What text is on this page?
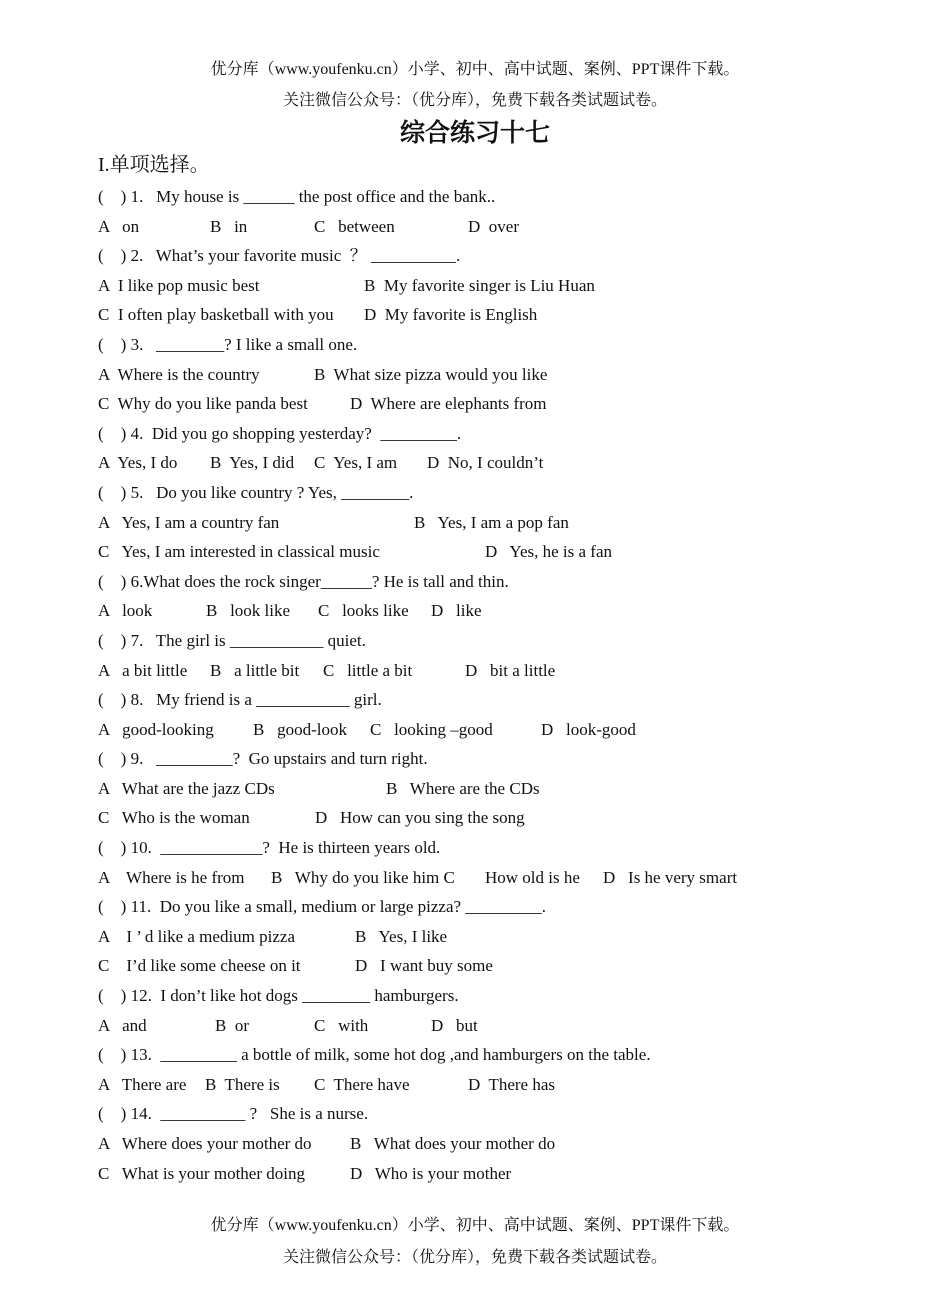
优分库（www.youfenku.cn）小学、初中、高中试题、案例、PPT课件下载。
关注微信公众号：（优分库），免费下载各类试题试卷。
综合练习十七
I.单项选择。
(    ) 1.   My house is ______ the post office and the bank..
A   on	B   in	C   between	D  over
(    ) 2.   What’s your favorite music  ？ __________.
A  I like pop music best	B  My favorite singer is Liu Huan
C  I often play basketball with you D  My favorite is English
(    ) 3.   ________? I like a small one.
A  Where is the country	B  What size pizza would you like
C  Why do you like panda best D  Where are elephants from
(    ) 4.  Did you go shopping yesterday?  _________.
A  Yes, I do B  Yes, I did C  Yes, I am D  No, I couldn’t
(    ) 5.   Do you like country ? Yes, ________.
A   Yes, I am a country fan	B   Yes, I am a pop fan
C   Yes, I am interested in classical music	D   Yes, he is a fan
(    ) 6.What does the rock singer______? He is tall and thin.
A   look	B   look like C   looks like D   like
(    ) 7.   The girl is ___________ quiet.
A   a bit little B   a little bit C   little a bit	D   bit a little
(    ) 8.   My friend is a ___________ girl.
A   good-looking B   good-look C   looking –good	D   look-good
(    ) 9.   _________?  Go upstairs and turn right.
A   What are the jazz CDs	B   Where are the CDs
C   Who is the woman	D   How can you sing the song
(    ) 10.  ____________?  He is thirteen years old.
A    Where is he from B   Why do you like him C How old is he D   Is he very smart
(    ) 11.  Do you like a small, medium or large pizza? _________.
A    I ’ d like a medium pizza	B   Yes, I like
C    I’d like some cheese on it	D   I want buy some
(    ) 12.  I don’t like hot dogs ________ hamburgers.
A   and	B  or	C   with	D   but
(    ) 13.  _________ a bottle of milk, some hot dog ,and hamburgers on the table.
A   There are B  There is C  There have	D  There has
(    ) 14.  __________ ?   She is a nurse.
A   Where does your mother do B   What does your mother do
C   What is your mother doing	D   Who is your mother
优分库（www.youfenku.cn）小学、初中、高中试题、案例、PPT课件下载。
关注微信公众号：（优分库），免费下载各类试题试卷。
